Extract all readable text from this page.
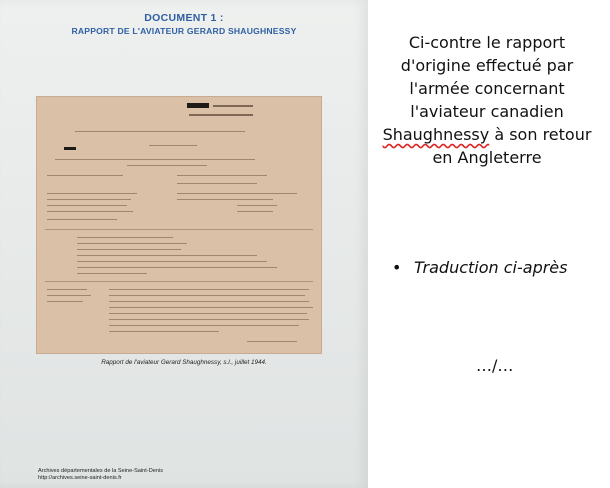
DOCUMENT 1 :
RAPPORT DE L'AVIATEUR GERARD SHAUGHNESSY
Rapport de l'aviateur Gerard Shaughnessy, s.l., juillet 1944.
Archives départementales de la Seine-Saint-Denis
http://archives.seine-saint-denis.fr
Ci-contre le rapport d'origine effectué par l'armée concernant l'aviateur canadien Shaughnessy à son retour en Angleterre
• Traduction ci-après
…/…
